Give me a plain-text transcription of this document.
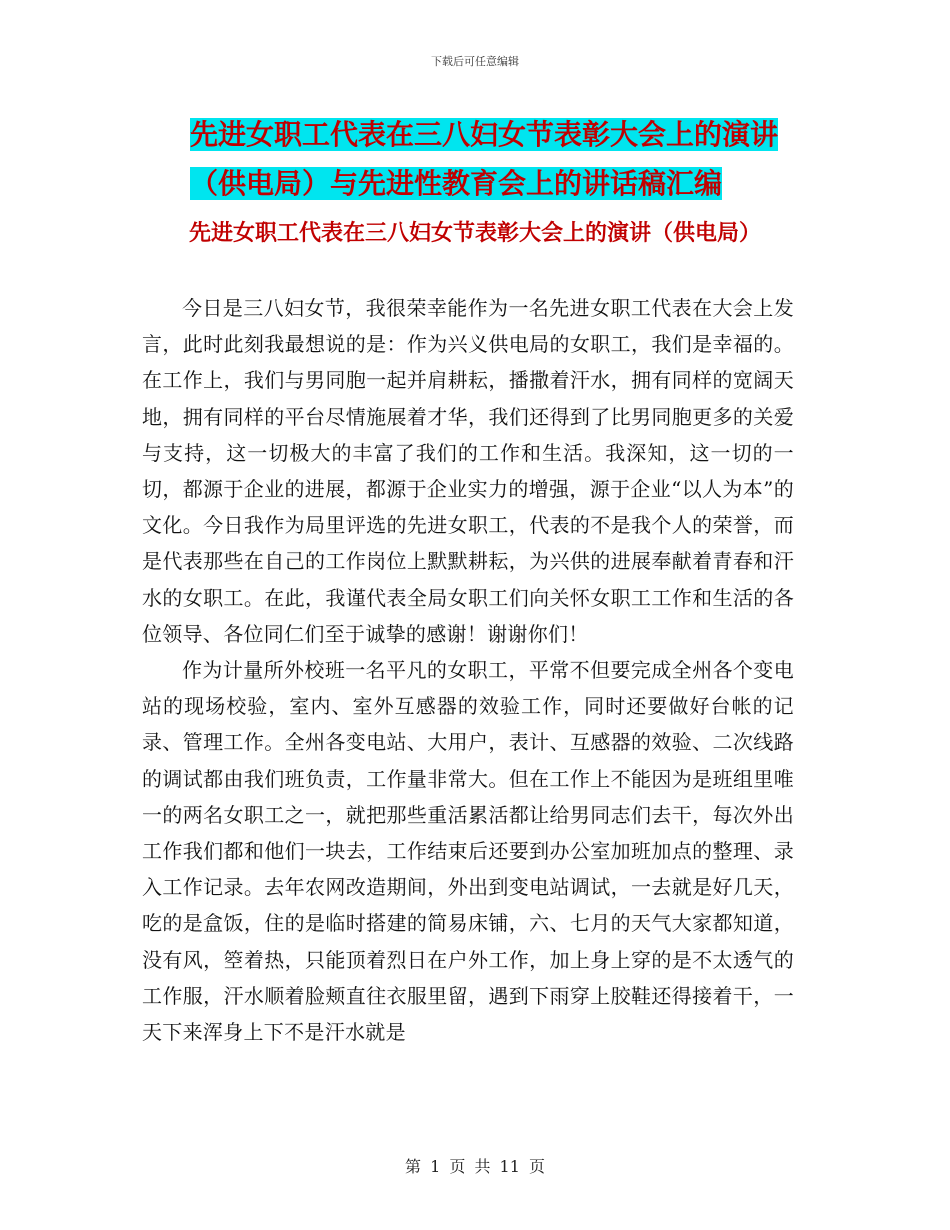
下载后可任意编辑
先进女职工代表在三八妇女节表彰大会上的演讲（供电局）与先进性教育会上的讲话稿汇编
先进女职工代表在三八妇女节表彰大会上的演讲（供电局）

今日是三八妇女节，我很荣幸能作为一名先进女职工代表在大会上发言，此时此刻我最想说的是：作为兴义供电局的女职工，我们是幸福的。在工作上，我们与男同胞一起并肩耕耘，播撒着汗水，拥有同样的宽阔天地，拥有同样的平台尽情施展着才华，我们还得到了比男同胞更多的关爱与支持，这一切极大的丰富了我们的工作和生活。我深知，这一切的一切，都源于企业的进展，都源于企业实力的增强，源于企业“以人为本”的文化。今日我作为局里评选的先进女职工，代表的不是我个人的荣誉，而是代表那些在自己的工作岗位上默默耕耘，为兴供的进展奉献着青春和汗水的女职工。在此，我谨代表全局女职工们向关怀女职工工作和生活的各位领导、各位同仁们至于诚挚的感谢！谢谢你们！

作为计量所外校班一名平凡的女职工，平常不但要完成全州各个变电站的现场校验，室内、室外互感器的效验工作，同时还要做好台帐的记录、管理工作。全州各变电站、大用户，表计、互感器的效验、二次线路的调试都由我们班负责，工作量非常大。但在工作上不能因为是班组里唯一的两名女职工之一，就把那些重活累活都让给男同志们去干，每次外出工作我们都和他们一块去，工作结束后还要到办公室加班加点的整理、录入工作记录。去年农网改造期间，外出到变电站调试，一去就是好几天，吃的是盒饭，住的是临时搭建的简易床铺，六、七月的天气大家都知道，没有风，箜着热，只能顶着烈日在户外工作，加上身上穿的是不太透气的工作服，汗水顺着脸颊直往衣服里留，遇到下雨穿上胶鞋还得接着干，一天下来浑身上下不是汗水就是

第 1 页 共 11 页
